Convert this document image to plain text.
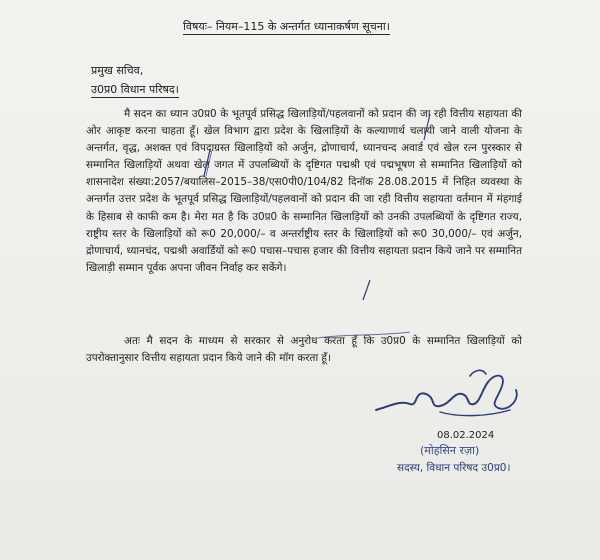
विषयः– नियम–115 के अन्तर्गत ध्यानाकर्षण सूचना।
प्रमुख सचिव,
उ0प्र0 विधान परिषद।

मै सदन का ध्यान उ0प्र0 के भूतपूर्व प्रसिद्ध खिलाड़ियों/पहलवानों को प्रदान की जा रही वित्तीय सहायता की ओर आकृष्ट करना चाहता हूँ। खेल विभाग द्वारा प्रदेश के खिलाड़ियों के कल्याणार्थ चलायी जाने वाली योजना के अन्तर्गत, वृद्ध, अशक्त एवं विपदाग्रस्त खिलाड़ियों को अर्जुन, द्रोणाचार्य, ध्यानचन्द अवार्ड एवं खेल रत्न पुरस्कार से सम्मानित खिलाड़ियों अथवा खेल जगत में उपलब्धियों के दृष्टिगत पद्मश्री एवं पद्मभूषण से सम्मानित खिलाड़ियों को शासनादेश संख्या:2057/बयालिस–2015–38/एस0पी0/104/82 दिनॉक 28.08.2015 में निहित व्यवस्था के अन्तर्गत उत्तर प्रदेश के भूतपूर्व प्रसिद्ध खिलाड़ियों/पहलवानों को प्रदान की जा रही वित्तीय सहायता वर्तमान में मंहगाई के हिसाब से काफी कम है। मेरा मत है कि उ0प्र0 के सम्मानित खिलाड़ियों को उनकी उपलब्धियों के दृष्टिगत राज्य, राष्ट्रीय स्तर के खिलाड़ियों को रू0 20,000/– व अन्तर्राष्ट्रीय स्तर के खिलाड़ियों को रू0 30,000/– एवं अर्जुन, द्रोणाचार्य, ध्यानचंद, पद्मश्री अवार्डियों को रू0 पचास–पचास हजार की वित्तीय सहायता प्रदान किये जाने पर सम्मानित खिलाड़ी सम्मान पूर्वक अपना जीवन निर्वाह कर सकेंगे।

अतः मै सदन के माध्यम से सरकार से अनुरोध करता हूँ कि उ0प्र0 के सम्मानित खिलाड़ियों को उपरोक्तानुसार वित्तीय सहायता प्रदान किये जाने की मॉग करता हूँ।

08.02.2024
(मोहसिन रज़ा)
सदस्य, विधान परिषद उ0प्र0।
